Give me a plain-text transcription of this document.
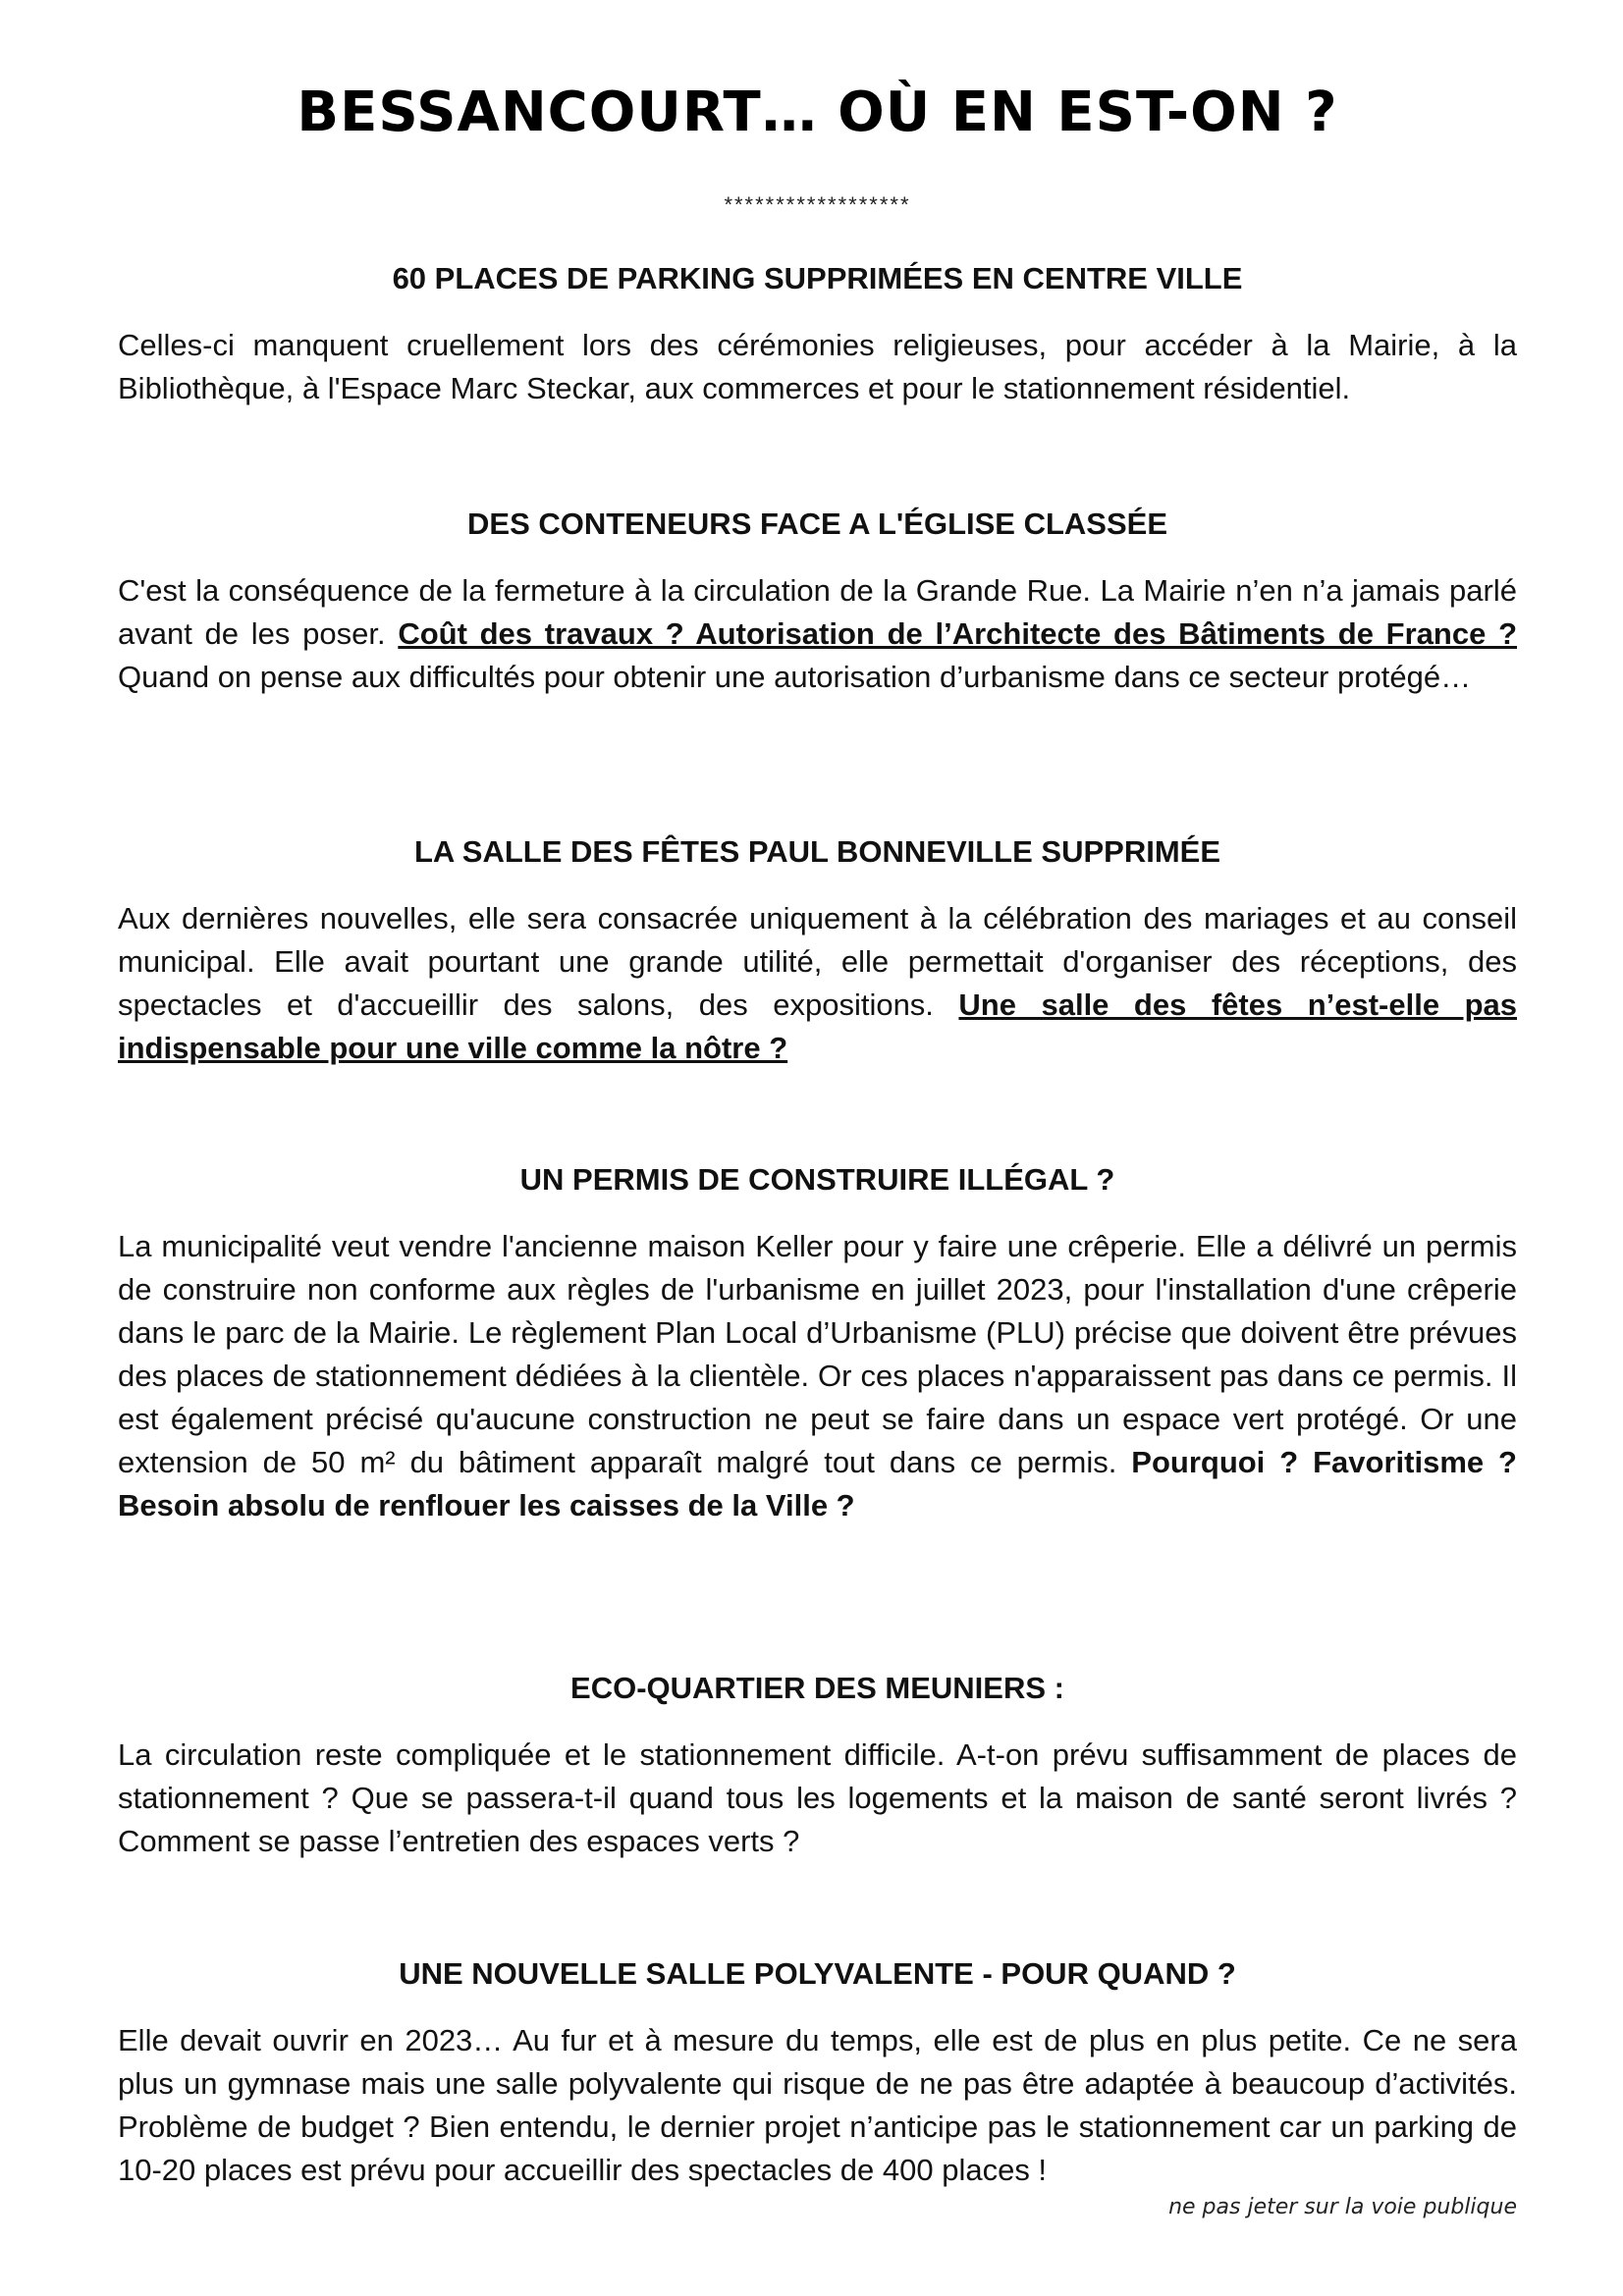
BESSANCOURT… OÙ EN EST-ON ?
******************
60 PLACES DE PARKING SUPPRIMÉES EN CENTRE VILLE

Celles-ci manquent cruellement lors des cérémonies religieuses, pour accéder à la Mairie, à la Bibliothèque, à l'Espace Marc Steckar, aux commerces et pour le stationnement résidentiel.

DES CONTENEURS FACE A L'ÉGLISE CLASSÉE

C'est la conséquence de la fermeture à la circulation de la Grande Rue. La Mairie n’en n’a jamais parlé avant de les poser. Coût des travaux ? Autorisation de l’Architecte des Bâtiments de France ? Quand on pense aux difficultés pour obtenir une autorisation d’urbanisme dans ce secteur protégé…

LA SALLE DES FÊTES PAUL BONNEVILLE SUPPRIMÉE

Aux dernières nouvelles, elle sera consacrée uniquement à la célébration des mariages et au conseil municipal. Elle avait pourtant une grande utilité, elle permettait d'organiser des réceptions, des spectacles et d'accueillir des salons, des expositions. Une salle des fêtes n’est-elle pas indispensable pour une ville comme la nôtre ?

UN PERMIS DE CONSTRUIRE ILLÉGAL ?

La municipalité veut vendre l'ancienne maison Keller pour y faire une crêperie. Elle a délivré un permis de construire non conforme aux règles de l'urbanisme en juillet 2023, pour l'installation d'une crêperie dans le parc de la Mairie. Le règlement Plan Local d’Urbanisme (PLU) précise que doivent être prévues des places de stationnement dédiées à la clientèle. Or ces places n'apparaissent pas dans ce permis. Il est également précisé qu'aucune construction ne peut se faire dans un espace vert protégé. Or une extension de 50 m² du bâtiment apparaît malgré tout dans ce permis. Pourquoi ? Favoritisme ? Besoin absolu de renflouer les caisses de la Ville ?

ECO-QUARTIER DES MEUNIERS :

La circulation reste compliquée et le stationnement difficile. A-t-on prévu suffisamment de places de stationnement ? Que se passera-t-il quand tous les logements et la maison de santé seront livrés ? Comment se passe l’entretien des espaces verts ?

UNE NOUVELLE SALLE POLYVALENTE - POUR QUAND ?

Elle devait ouvrir en 2023… Au fur et à mesure du temps, elle est de plus en plus petite. Ce ne sera plus un gymnase mais une salle polyvalente qui risque de ne pas être adaptée à beaucoup d’activités. Problème de budget ? Bien entendu, le dernier projet n’anticipe pas le stationnement car un parking de 10-20 places est prévu pour accueillir des spectacles de 400 places !

ne pas jeter sur la voie publique
